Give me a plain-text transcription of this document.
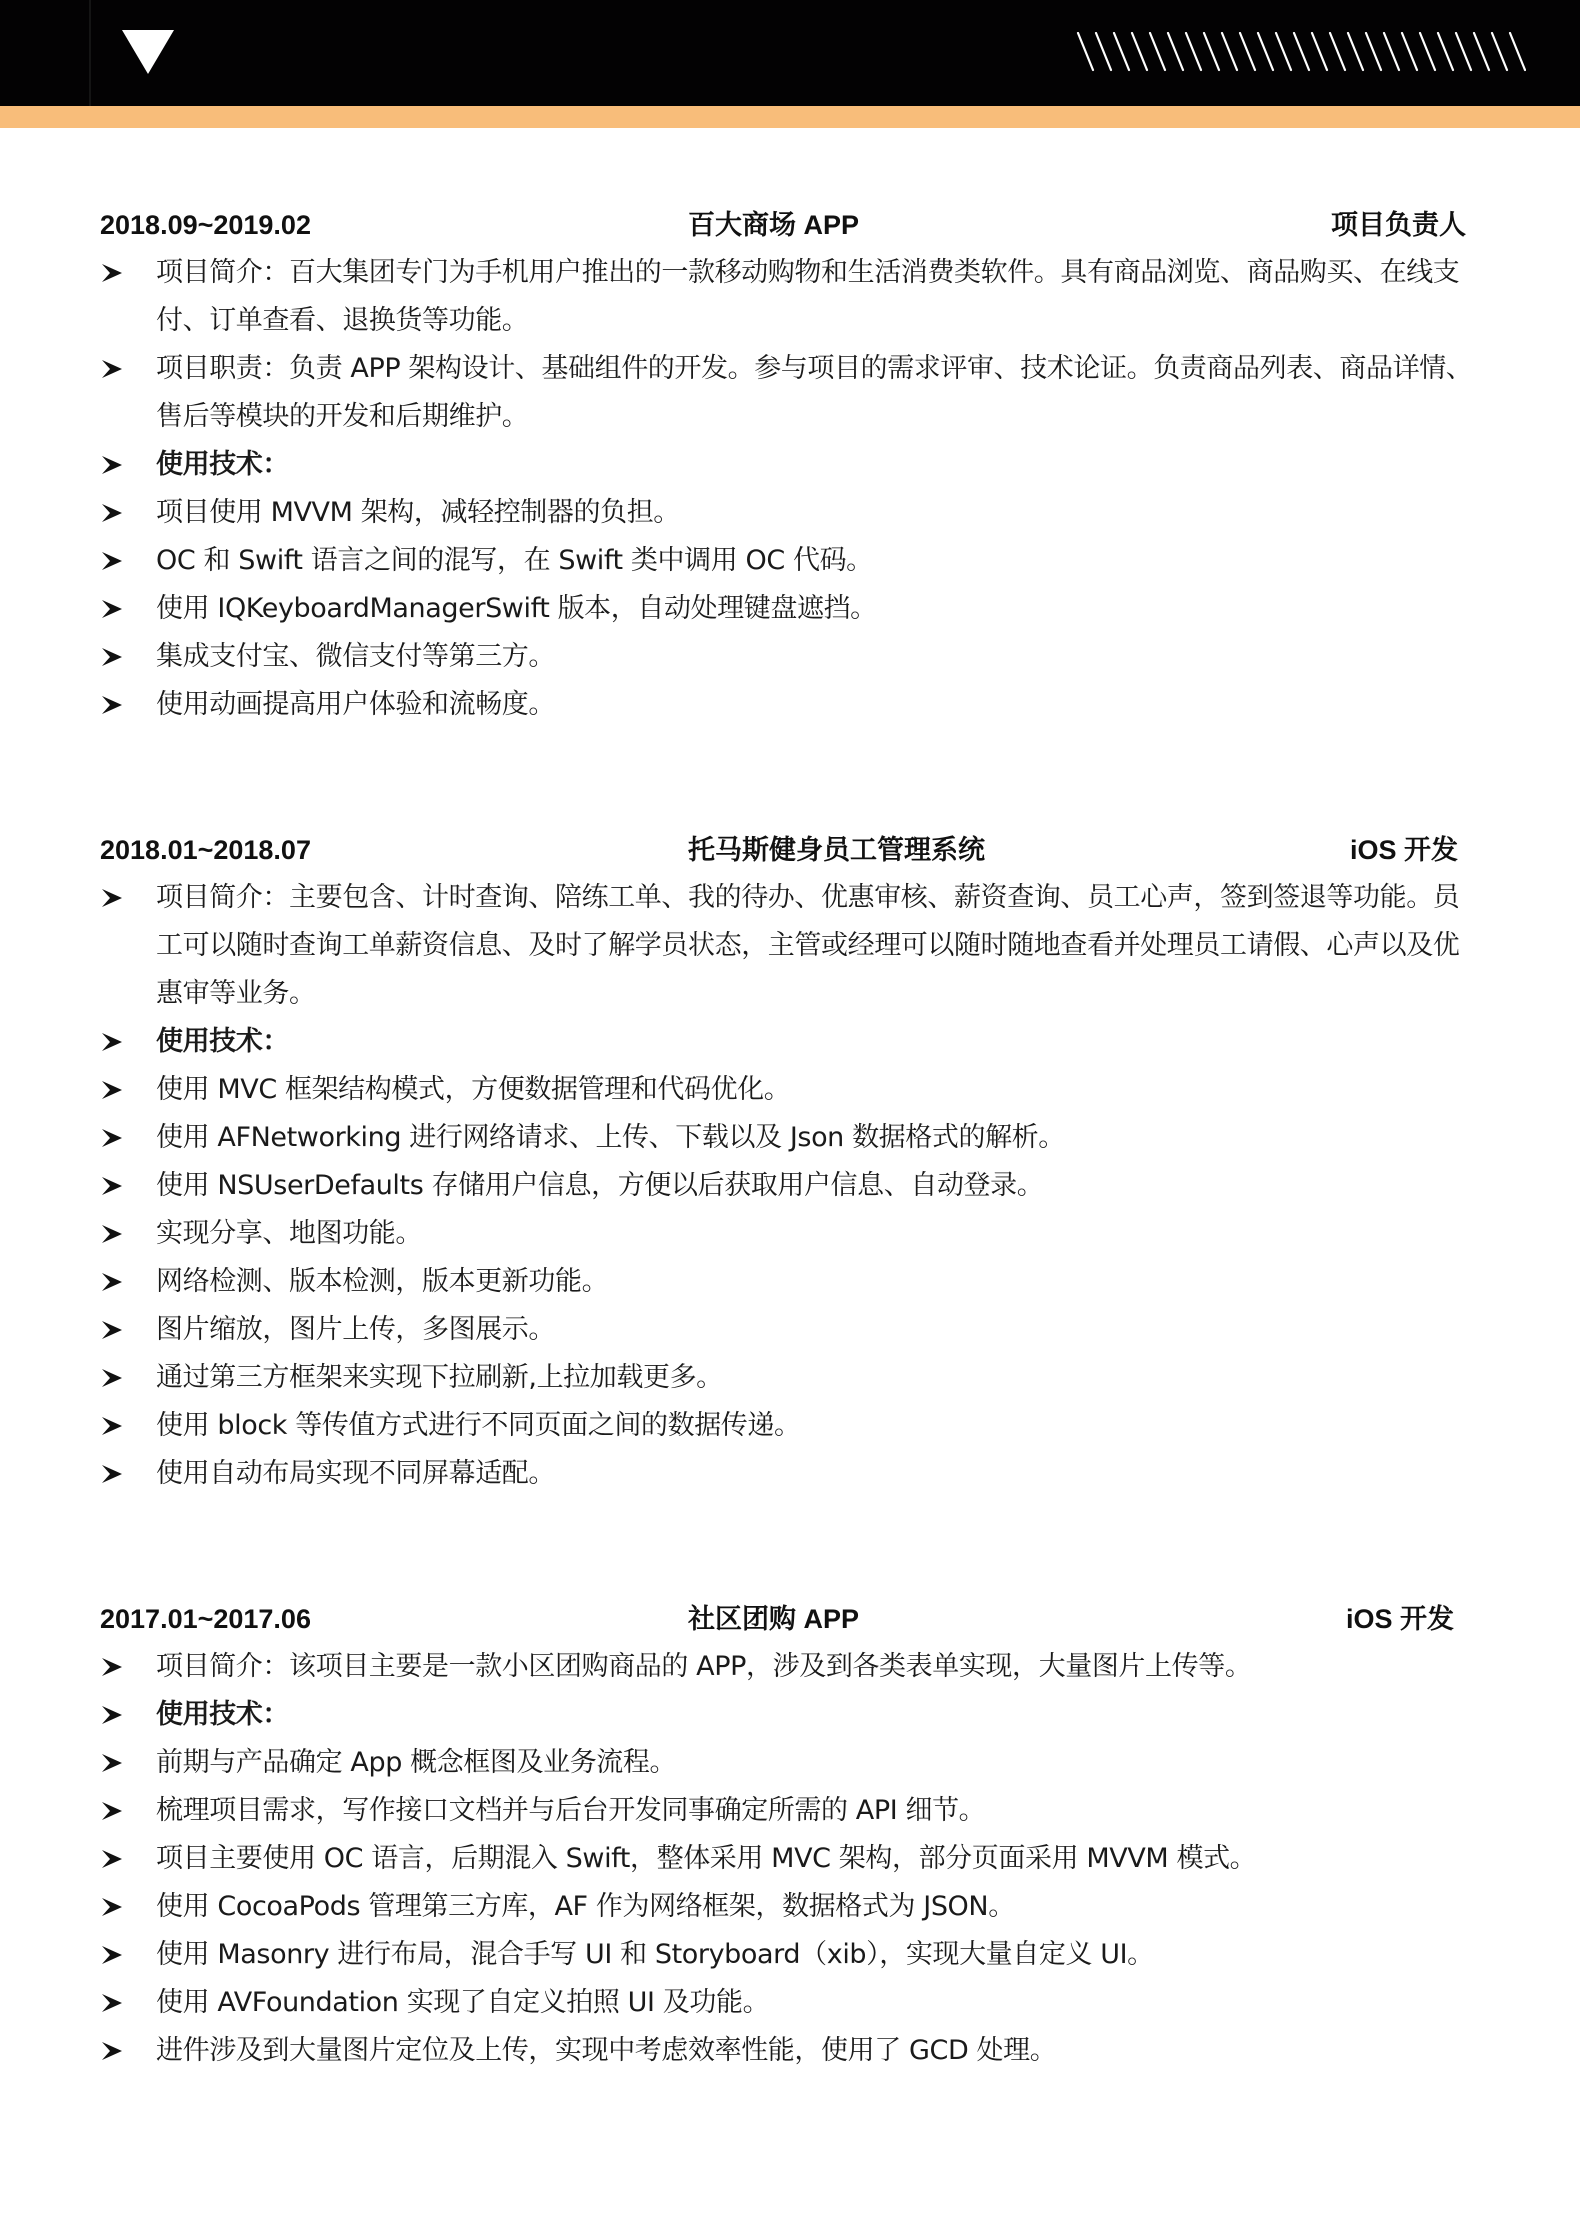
2018.09~2019.02	百大商场 APP	项目负责人
项目简介：百大集团专门为手机用户推出的一款移动购物和生活消费类软件。具有商品浏览、商品购买、在线支付、订单查看、退换货等功能。
项目职责：负责 APP 架构设计、基础组件的开发。参与项目的需求评审、技术论证。负责商品列表、商品详情、售后等模块的开发和后期维护。
使用技术：
项目使用 MVVM 架构，减轻控制器的负担。
OC 和 Swift 语言之间的混写，在 Swift 类中调用 OC 代码。
使用 IQKeyboardManagerSwift 版本，自动处理键盘遮挡。
集成支付宝、微信支付等第三方。
使用动画提高用户体验和流畅度。
2018.01~2018.07	托马斯健身员工管理系统	iOS 开发
项目简介：主要包含、计时查询、陪练工单、我的待办、优惠审核、薪资查询、员工心声，签到签退等功能。员工可以随时查询工单薪资信息、及时了解学员状态，主管或经理可以随时随地查看并处理员工请假、心声以及优惠审等业务。
使用技术：
使用 MVC 框架结构模式，方便数据管理和代码优化。
使用 AFNetworking 进行网络请求、上传、下载以及 Json 数据格式的解析。
使用 NSUserDefaults 存储用户信息，方便以后获取用户信息、自动登录。
实现分享、地图功能。
网络检测、版本检测，版本更新功能。
图片缩放，图片上传，多图展示。
通过第三方框架来实现下拉刷新,上拉加载更多。
使用 block 等传值方式进行不同页面之间的数据传递。
使用自动布局实现不同屏幕适配。
2017.01~2017.06	社区团购 APP	iOS 开发
项目简介：该项目主要是一款小区团购商品的 APP，涉及到各类表单实现，大量图片上传等。
使用技术：
前期与产品确定 App 概念框图及业务流程。
梳理项目需求，写作接口文档并与后台开发同事确定所需的 API 细节。
项目主要使用 OC 语言，后期混入 Swift，整体采用 MVC 架构，部分页面采用 MVVM 模式。
使用 CocoaPods 管理第三方库，AF 作为网络框架，数据格式为 JSON。
使用 Masonry 进行布局，混合手写 UI 和 Storyboard（xib），实现大量自定义 UI。
使用 AVFoundation 实现了自定义拍照 UI 及功能。
进件涉及到大量图片定位及上传，实现中考虑效率性能，使用了 GCD 处理。
